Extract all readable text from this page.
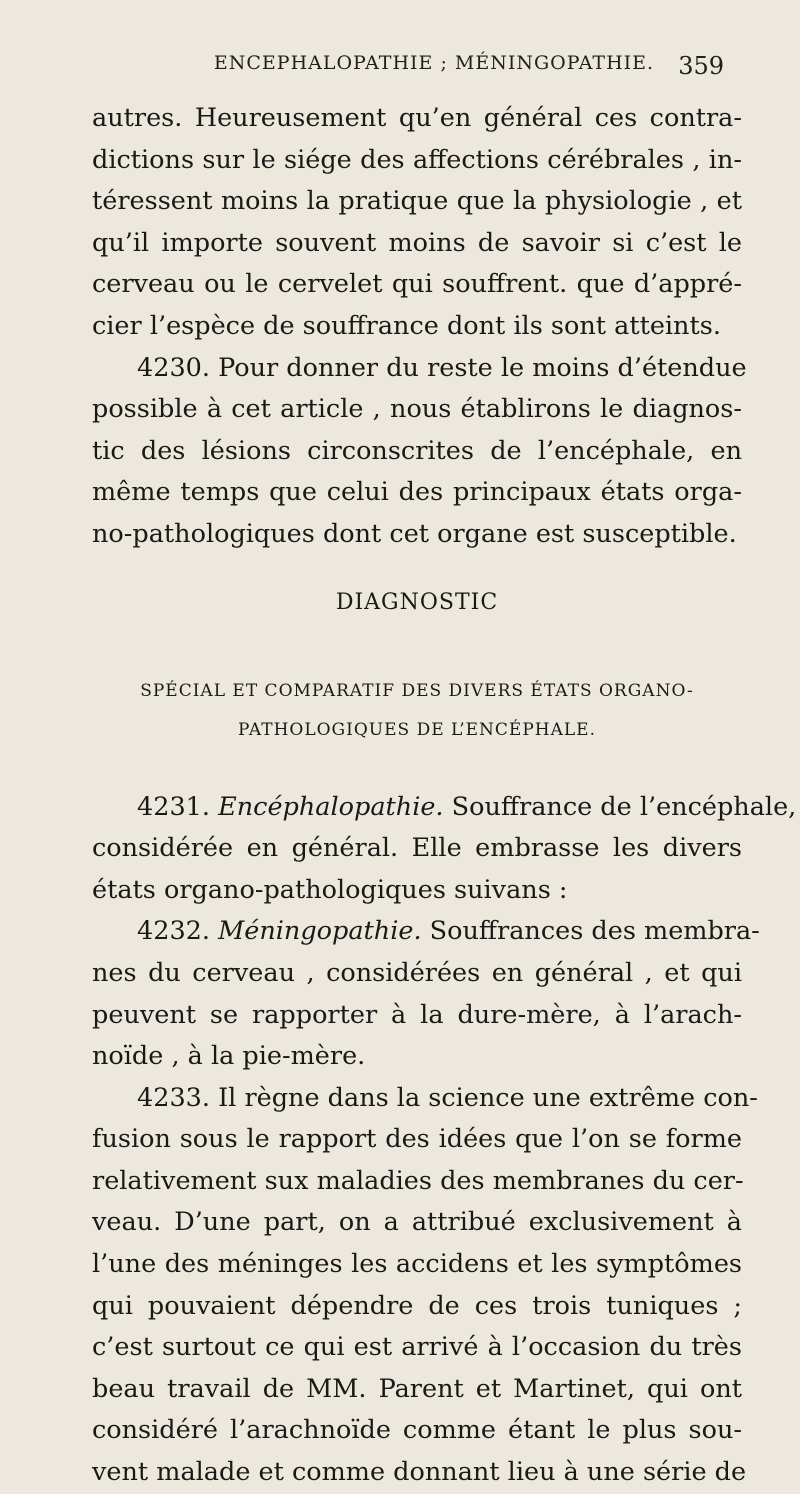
ENCEPHALOPATHIE ; MÉNINGOPATHIE. 359
autres. Heureusement qu’en général ces contra-
dictions sur le siége des affections cérébrales , in-
téressent moins la pratique que la physiologie , et
qu’il importe souvent moins de savoir si c’est le
cerveau ou le cervelet qui souffrent. que d’appré-
cier l’espèce de souffrance dont ils sont atteints.
4230. Pour donner du reste le moins d’étendue
possible à cet article , nous établirons le diagnos-
tic des lésions circonscrites de l’encéphale, en
même temps que celui des principaux états orga-
no-pathologiques dont cet organe est susceptible.
DIAGNOSTIC
SPÉCIAL ET COMPARATIF DES DIVERS ÉTATS ORGANO-
PATHOLOGIQUES DE L’ENCÉPHALE.
4231. Encéphalopathie. Souffrance de l’encéphale,
considérée en général. Elle embrasse les divers
états organo-pathologiques suivans :
4232. Méningopathie. Souffrances des membra-
nes du cerveau , considérées en général , et qui
peuvent se rapporter à la dure-mère, à l’arach-
noïde , à la pie-mère.
4233. Il règne dans la science une extrême con-
fusion sous le rapport des idées que l’on se forme
relativement sux maladies des membranes du cer-
veau. D’une part, on a attribué exclusivement à
l’une des méninges les accidens et les symptômes
qui pouvaient dépendre de ces trois tuniques ;
c’est surtout ce qui est arrivé à l’occasion du très
beau travail de MM. Parent et Martinet, qui ont
considéré l’arachnoïde comme étant le plus sou-
vent malade et comme donnant lieu à une série de
